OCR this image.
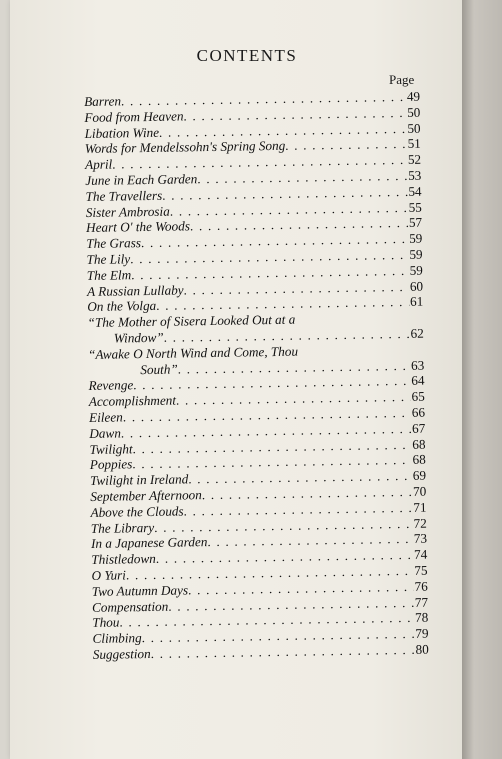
CONTENTS
Page
Barren . . .	49
Food from Heaven . . .	50
Libation Wine . . .	50
Words for Mendelssohn's Spring Song . . .	51
April . . .	52
June in Each Garden . . .	53
The Travellers . . .	54
Sister Ambrosia . . .	55
Heart O' the Woods . . .	57
The Grass . . .	59
The Lily . . .	59
The Elm . . .	59
A Russian Lullaby . . .	60
On the Volga . . .	61
“The Mother of Sisera Looked Out at a
Window” . . .	62
“Awake O North Wind and Come, Thou
South” . . .	63
Revenge . . .	64
Accomplishment . . .	65
Eileen . . .	66
Dawn . . .	67
Twilight . . .	68
Poppies . . .	68
Twilight in Ireland . . .	69
September Afternoon . . .	70
Above the Clouds . . .	71
The Library . . .	72
In a Japanese Garden . . .	73
Thistledown . . .	74
O Yuri . . .	75
Two Autumn Days . . .	76
Compensation . . .	77
Thou . . .	78
Climbing . . .	79
Suggestion . . .	80
